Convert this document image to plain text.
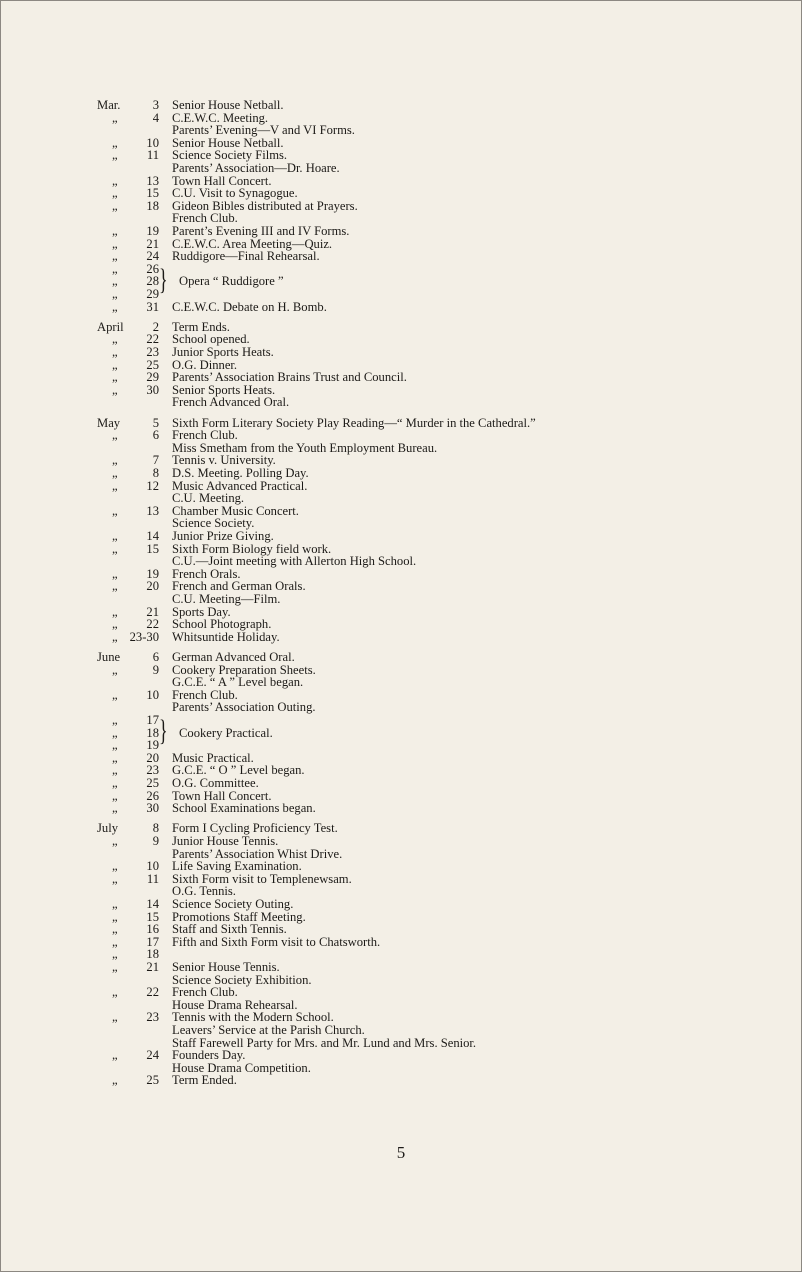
Mar.	3 Senior House Netball.
„	4 C.E.W.C. Meeting.
Parents’ Evening—V and VI Forms.
„	10 Senior House Netball.
„	11 Science Society Films.
Parents’ Association—Dr. Hoare.
„	13 Town Hall Concert.
„	15 C.U. Visit to Synagogue.
„	18 Gideon Bibles distributed at Prayers.
French Club.
„	19 Parent’s Evening III and IV Forms.
„	21 C.E.W.C. Area Meeting—Quiz.
„	24 Ruddigore—Final Rehearsal.
„	26
„	28
„	29 } Opera “ Ruddigore ”
„	31 C.E.W.C. Debate on H. Bomb.
April	2 Term Ends.
„	22 School opened.
„	23 Junior Sports Heats.
„	25 O.G. Dinner.
„	29 Parents’ Association Brains Trust and Council.
„	30 Senior Sports Heats.
French Advanced Oral.
May	5 Sixth Form Literary Society Play Reading—“ Murder in the Cathedral.”
„	6 French Club.
Miss Smetham from the Youth Employment Bureau.
„	7 Tennis v. University.
„	8 D.S. Meeting. Polling Day.
„	12 Music Advanced Practical.
C.U. Meeting.
„	13 Chamber Music Concert.
Science Society.
„	14 Junior Prize Giving.
„	15 Sixth Form Biology field work.
C.U.—Joint meeting with Allerton High School.
„	19 French Orals.
„	20 French and German Orals.
C.U. Meeting—Film.
„	21 Sports Day.
„	22 School Photograph.
„ 23-30 Whitsuntide Holiday.
June	6 German Advanced Oral.
„	9 Cookery Preparation Sheets.
G.C.E. “ A ” Level began.
„	10 French Club.
Parents’ Association Outing.
„	17
„	18
„	19 } Cookery Practical.
„	20 Music Practical.
„	23 G.C.E. “ O ” Level began.
„	25 O.G. Committee.
„	26 Town Hall Concert.
„	30 School Examinations began.
July	8 Form I Cycling Proficiency Test.
„	9 Junior House Tennis.
Parents’ Association Whist Drive.
„	10 Life Saving Examination.
„	11 Sixth Form visit to Templenewsam.
O.G. Tennis.
„	14 Science Society Outing.
„	15 Promotions Staff Meeting.
„	16 Staff and Sixth Tennis.
„	17 Fifth and Sixth Form visit to Chatsworth.
„	18
„	21 Senior House Tennis.
Science Society Exhibition.
„	22 French Club.
House Drama Rehearsal.
„	23 Tennis with the Modern School.
Leavers’ Service at the Parish Church.
Staff Farewell Party for Mrs. and Mr. Lund and Mrs. Senior.
„	24 Founders Day.
House Drama Competition.
„	25 Term Ended.
5
